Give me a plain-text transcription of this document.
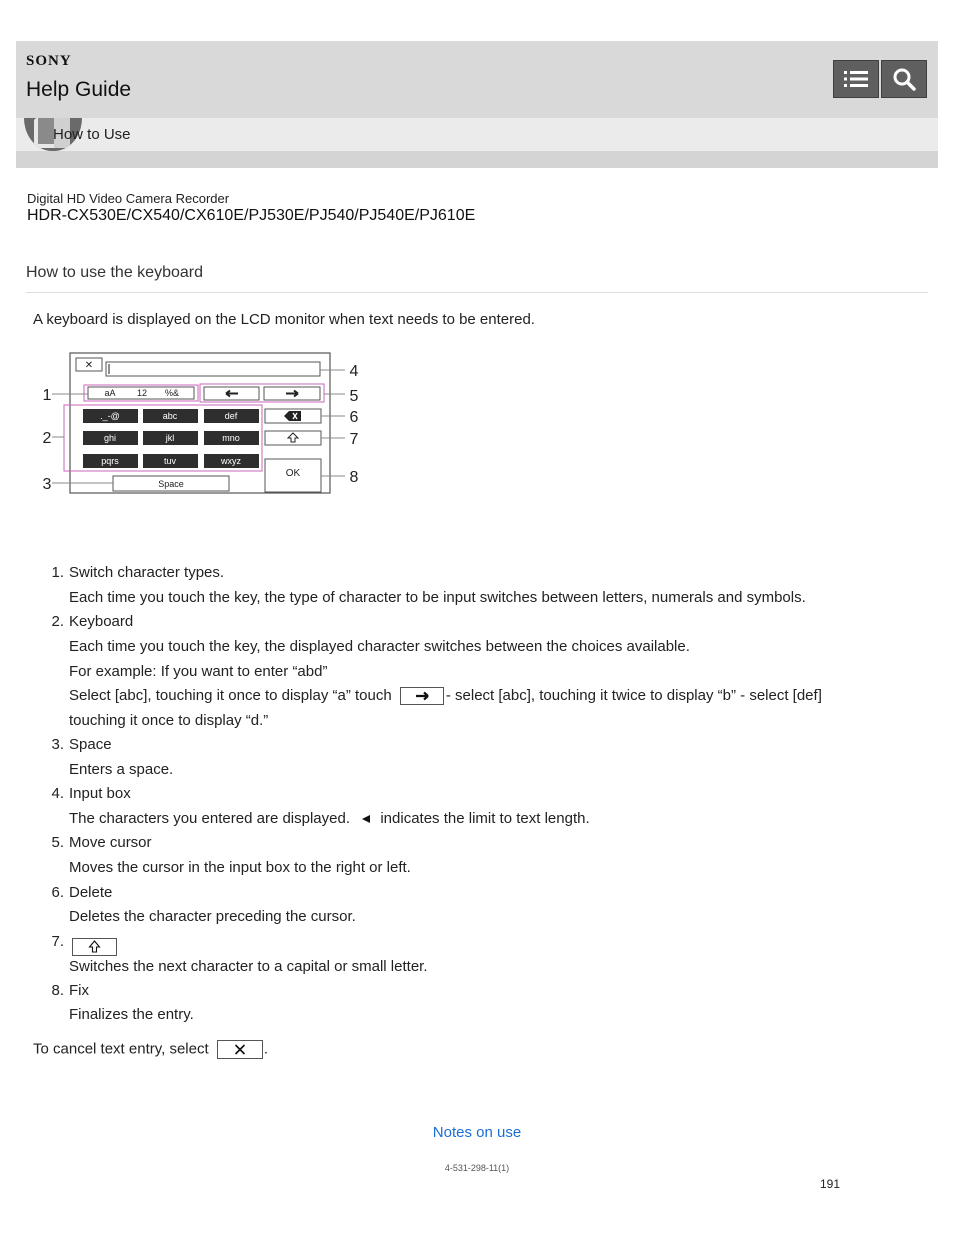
SONY
Help Guide
How to Use
Digital HD Video Camera Recorder
HDR-CX530E/CX540/CX610E/PJ530E/PJ540/PJ540E/PJ610E
How to use the keyboard
A keyboard is displayed on the LCD monitor when text needs to be entered.
✕
aA 12 %&
._-@	abc	def
ghi	jkl	mno
pqrs	tuv	wxyz
Space
OK
1
2
3
4
5
6
7
8
1. Switch character types.
Each time you touch the key, the type of character to be input switches between letters, numerals and symbols.
2. Keyboard
Each time you touch the key, the displayed character switches between the choices available.
For example: If you want to enter “abd”
Select [abc], touching it once to display “a” touch	- select [abc], touching it twice to display “b” - select [def]
touching it once to display “d.”
3. Space
Enters a space.
4. Input box
The characters you entered are displayed. indicates the limit to text length.
5. Move cursor
Moves the cursor in the input box to the right or left.
6. Delete
Deletes the character preceding the cursor.
7.
Switches the next character to a capital or small letter.
8. Fix
Finalizes the entry.
To cancel text entry, select	.
Notes on use
4-531-298-11(1)
191
